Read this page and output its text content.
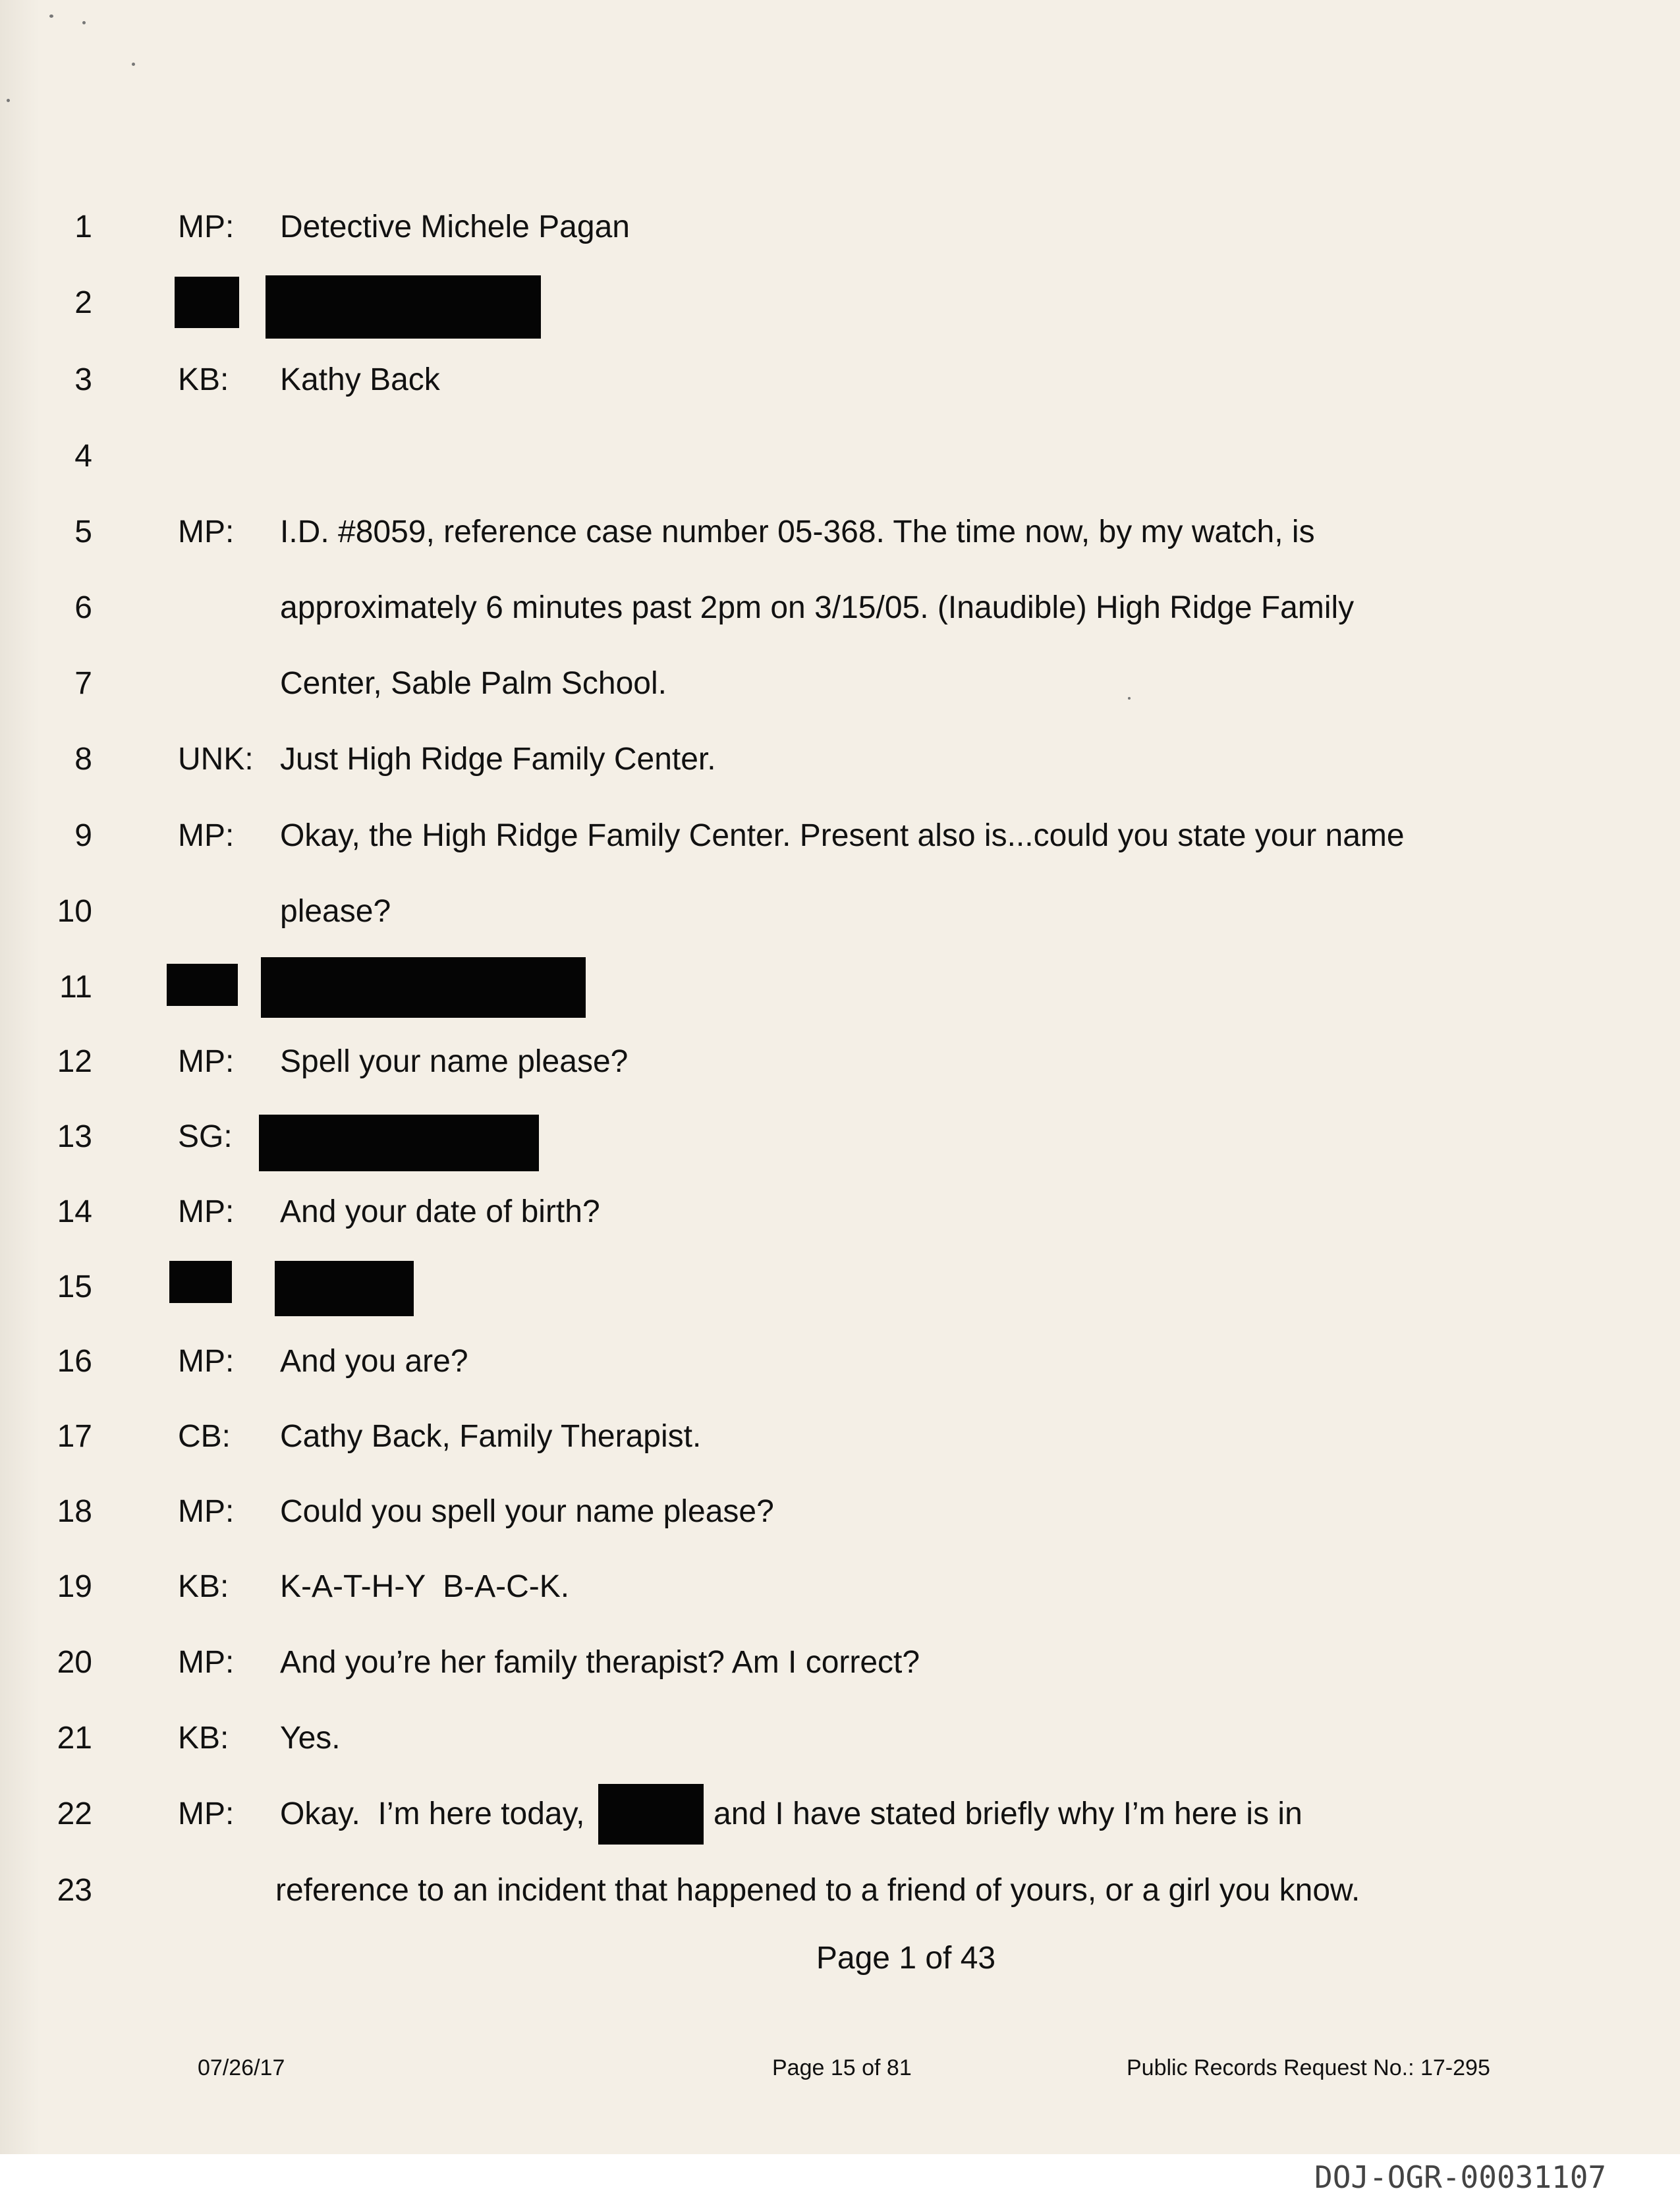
1	MP: Detective Michele Pagan
2
3	KB: Kathy Back
4
5	MP: I.D. #8059, reference case number 05-368. The time now, by my watch, is
6	approximately 6 minutes past 2pm on 3/15/05. (Inaudible) High Ridge Family
7	Center, Sable Palm School.
8	UNK: Just High Ridge Family Center.
9	MP: Okay, the High Ridge Family Center. Present also is...could you state your name
10	please?
11
12	MP: Spell your name please?
13	SG:
14	MP: And your date of birth?
15
16	MP: And you are?
17	CB: Cathy Back, Family Therapist.
18	MP: Could you spell your name please?
19	KB: K-A-T-H-Y  B-A-C-K.
20	MP: And you’re her family therapist? Am I correct?
21	KB: Yes.
22	MP: Okay.  I’m here today,	and I have stated briefly why I’m here is in
23	reference to an incident that happened to a friend of yours, or a girl you know.
Page 1 of 43
07/26/17	Page 15 of 81	Public Records Request No.: 17-295
DOJ-OGR-00031107
